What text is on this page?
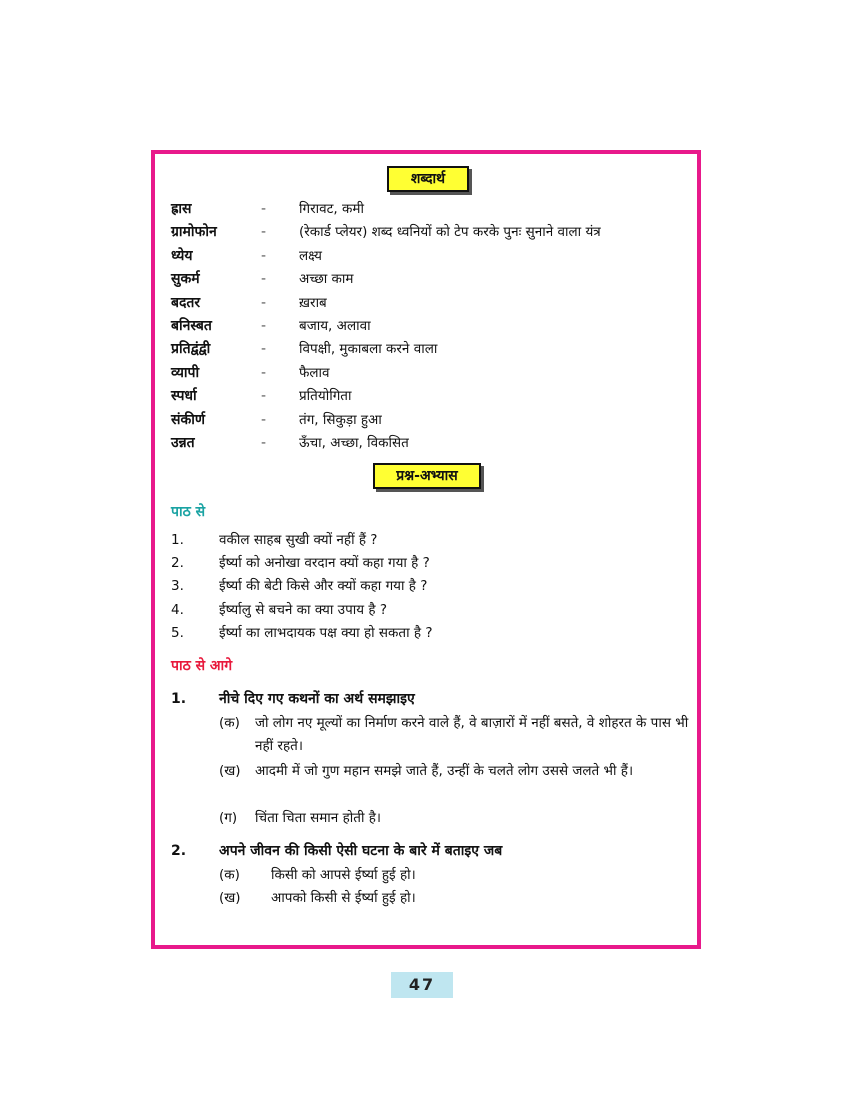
शब्दार्थ
ह्रास	-	गिरावट, कमी
ग्रामोफोन	-	(रेकार्ड प्लेयर) शब्द ध्वनियों को टेप करके पुनः सुनाने वाला यंत्र
ध्येय	-	लक्ष्य
सुकर्म	-	अच्छा काम
बदतर	-	ख़राब
बनिस्बत	-	बजाय, अलावा
प्रतिद्वंद्वी	-	विपक्षी, मुकाबला करने वाला
व्यापी	-	फैलाव
स्पर्धा	-	प्रतियोगिता
संकीर्ण	-	तंग, सिकुड़ा हुआ
उन्नत	-	ऊँचा, अच्छा, विकसित
प्रश्न-अभ्यास
पाठ से
1.	वकील साहब सुखी क्यों नहीं हैं ?
2.	ईर्ष्या को अनोखा वरदान क्यों कहा गया है ?
3.	ईर्ष्या की बेटी किसे और क्यों कहा गया है ?
4.	ईर्ष्यालु से बचने का क्या उपाय है ?
5.	ईर्ष्या का लाभदायक पक्ष क्या हो सकता है ?
पाठ से आगे
1. नीचे दिए गए कथनों का अर्थ समझाइए
(क)	जो लोग नए मूल्यों का निर्माण करने वाले हैं, वे बाज़ारों में नहीं बसते, वे शोहरत के पास भी नहीं रहते।
(ख)	आदमी में जो गुण महान समझे जाते हैं, उन्हीं के चलते लोग उससे जलते भी हैं।
(ग)	चिंता चिता समान होती है।
2. अपने जीवन की किसी ऐसी घटना के बारे में बताइए जब
(क)	किसी को आपसे ईर्ष्या हुई हो।
(ख)	आपको किसी से ईर्ष्या हुई हो।
47
